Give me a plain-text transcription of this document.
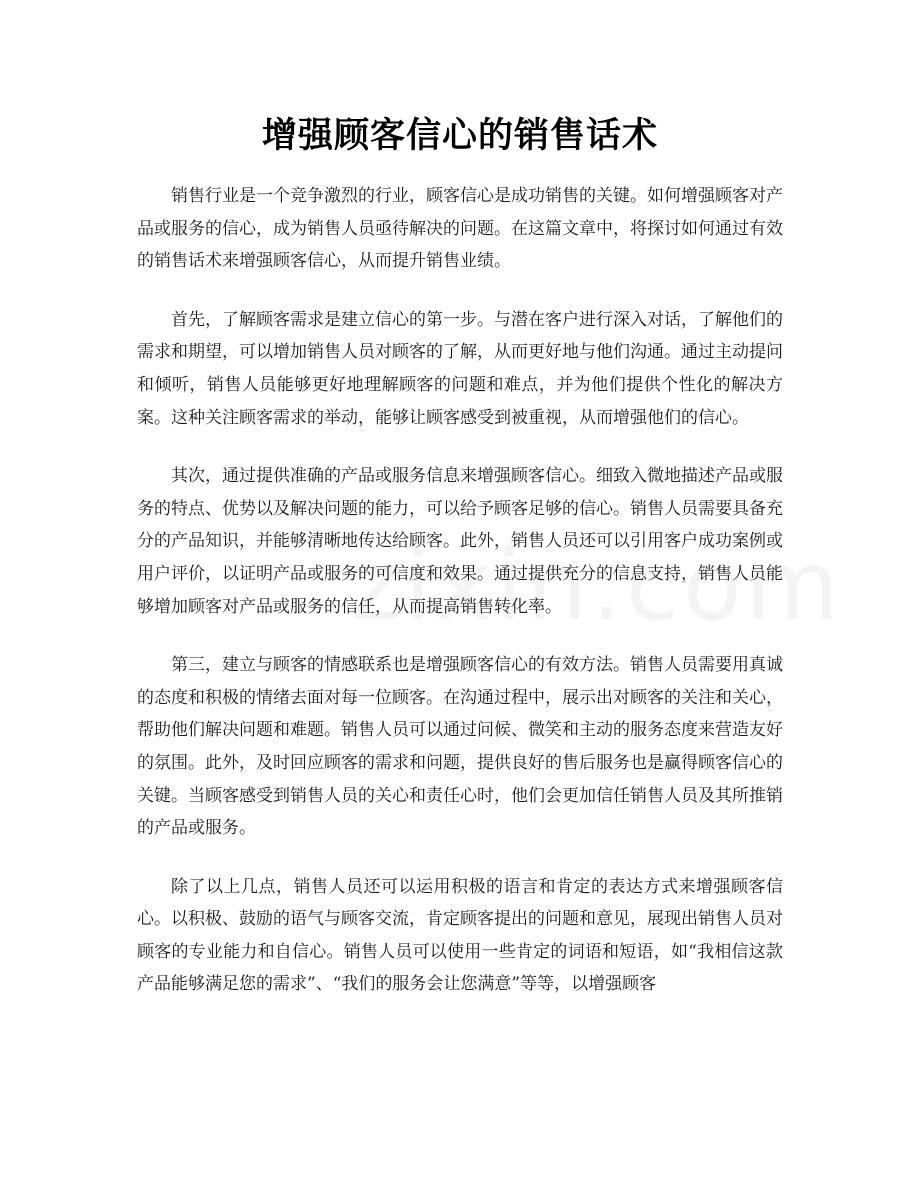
增强顾客信心的销售话术

销售行业是一个竞争激烈的行业，顾客信心是成功销售的关键。如何增强顾客对产品或服务的信心，成为销售人员亟待解决的问题。在这篇文章中，将探讨如何通过有效的销售话术来增强顾客信心，从而提升销售业绩。

首先，了解顾客需求是建立信心的第一步。与潜在客户进行深入对话，了解他们的需求和期望，可以增加销售人员对顾客的了解，从而更好地与他们沟通。通过主动提问和倾听，销售人员能够更好地理解顾客的问题和难点，并为他们提供个性化的解决方案。这种关注顾客需求的举动，能够让顾客感受到被重视，从而增强他们的信心。

其次，通过提供准确的产品或服务信息来增强顾客信心。细致入微地描述产品或服务的特点、优势以及解决问题的能力，可以给予顾客足够的信心。销售人员需要具备充分的产品知识，并能够清晰地传达给顾客。此外，销售人员还可以引用客户成功案例或用户评价，以证明产品或服务的可信度和效果。通过提供充分的信息支持，销售人员能够增加顾客对产品或服务的信任，从而提高销售转化率。

第三，建立与顾客的情感联系也是增强顾客信心的有效方法。销售人员需要用真诚的态度和积极的情绪去面对每一位顾客。在沟通过程中，展示出对顾客的关注和关心，帮助他们解决问题和难题。销售人员可以通过问候、微笑和主动的服务态度来营造友好的氛围。此外，及时回应顾客的需求和问题，提供良好的售后服务也是赢得顾客信心的关键。当顾客感受到销售人员的关心和责任心时，他们会更加信任销售人员及其所推销的产品或服务。

除了以上几点，销售人员还可以运用积极的语言和肯定的表达方式来增强顾客信心。以积极、鼓励的语气与顾客交流，肯定顾客提出的问题和意见，展现出销售人员对顾客的专业能力和自信心。销售人员可以使用一些肯定的词语和短语，如“我相信这款产品能够满足您的需求”、“我们的服务会让您满意”等等，以增强顾客
